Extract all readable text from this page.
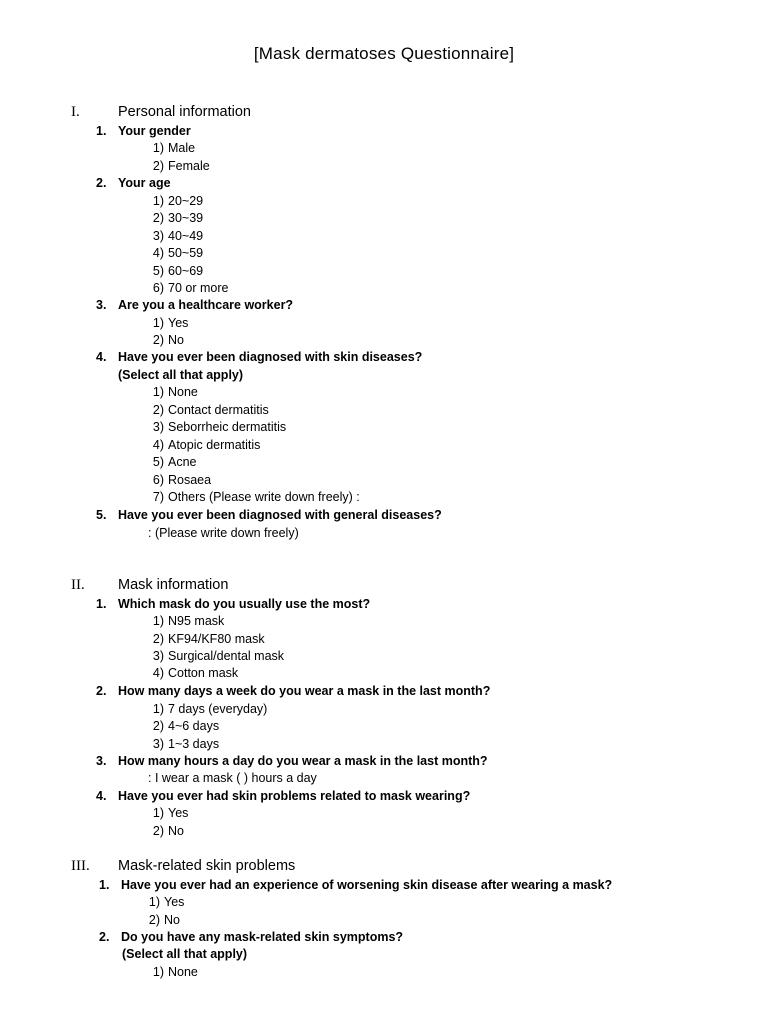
[Mask dermatoses Questionnaire]
I.	Personal information
1. Your gender
1) Male
2) Female
2. Your age
1) 20~29
2) 30~39
3) 40~49
4) 50~59
5) 60~69
6) 70 or more
3. Are you a healthcare worker?
1) Yes
2) No
4. Have you ever been diagnosed with skin diseases?
(Select all that apply)
1) None
2) Contact dermatitis
3) Seborrheic dermatitis
4) Atopic dermatitis
5) Acne
6) Rosaea
7) Others (Please write down freely) :
5. Have you ever been diagnosed with general diseases?
: (Please write down freely)
II. Mask information
1. Which mask do you usually use the most?
1) N95 mask
2) KF94/KF80 mask
3) Surgical/dental mask
4) Cotton mask
2. How many days a week do you wear a mask in the last month?
1) 7 days (everyday)
2) 4~6 days
3) 1~3 days
3. How many hours a day do you wear a mask in the last month?
: I wear a mask ( ) hours a day
4. Have you ever had skin problems related to mask wearing?
1) Yes
2) No
III. Mask-related skin problems
1. Have you ever had an experience of worsening skin disease after wearing a mask?
1) Yes
2) No
2. Do you have any mask-related skin symptoms?
(Select all that apply)
1) None
